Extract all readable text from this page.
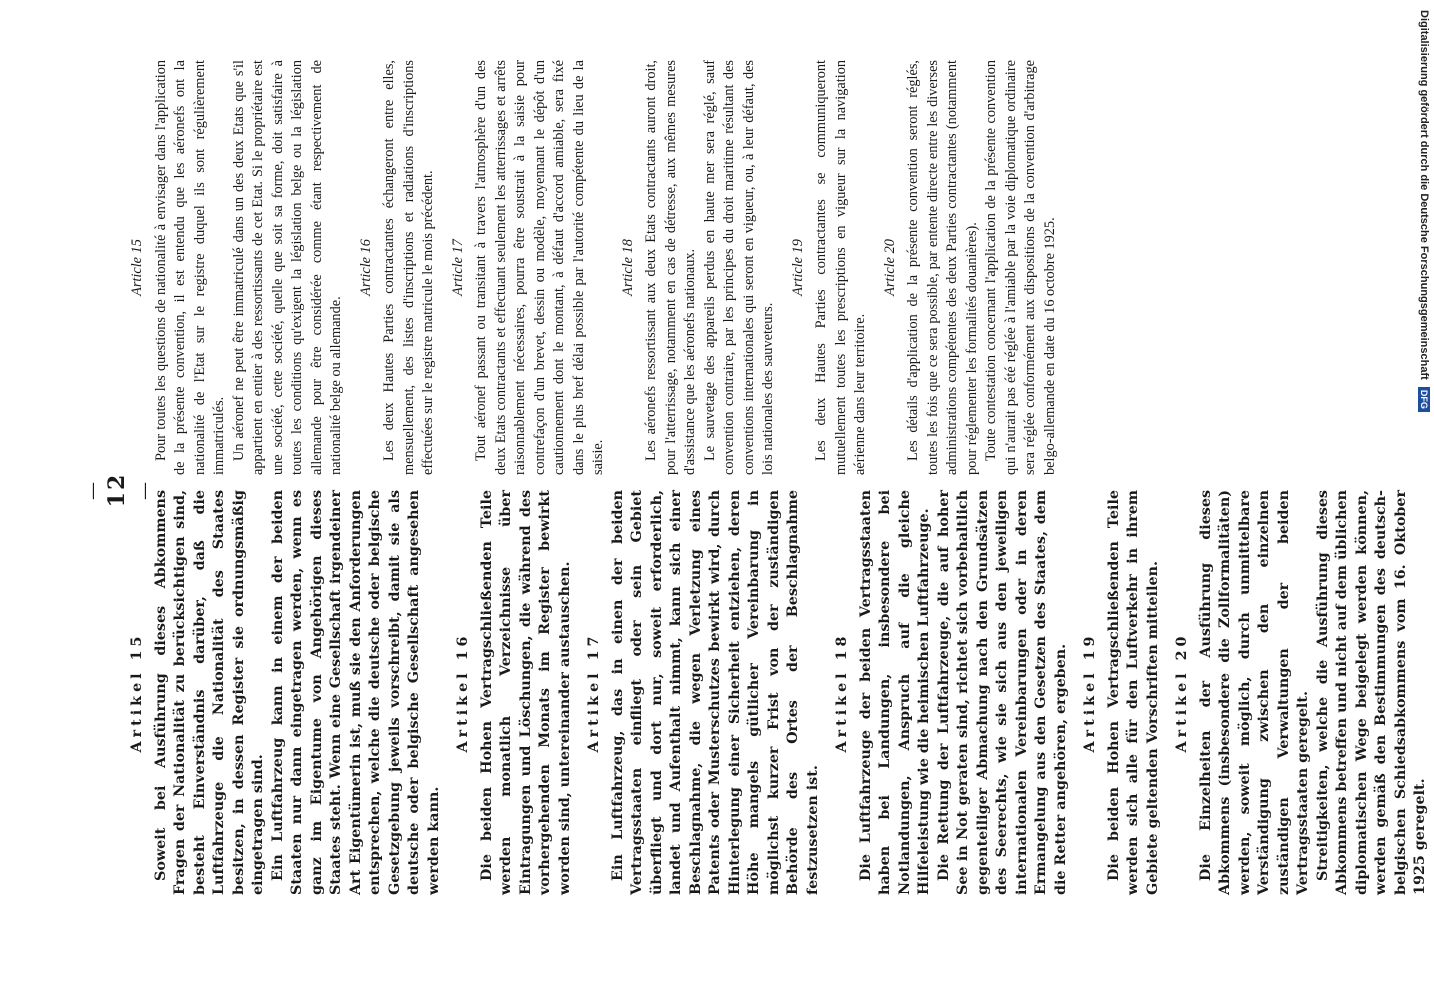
— 12 —
Artikel 15 Soweit bei Ausführung dieses Abkommens Fragen der Nationalität zu berücksichtigen sind, besteht Einverständnis darüber, daß die Luftfahrzeuge die Nationalität des Staates besitzen, in dessen Register sie ordnungsmäßig eingetragen sind. Ein Luftfahrzeug kann in einem der beiden Staaten nur dann eingetragen werden, wenn es ganz im Eigentume von Angehörigen dieses Staates steht. Wenn eine Gesellschaft irgendeiner Art Eigentümerin ist, muß sie den Anforderungen entsprechen, welche die deutsche oder belgische Gesetzgebung jeweils vorschreibt, damit sie als deutsche oder belgische Gesellschaft angesehen werden kann.

Artikel 16 Die beiden Hohen Vertragschließenden Teile werden monatlich Verzeichnisse über Eintragungen und Löschungen, die während des vorhergehenden Monats im Register bewirkt worden sind, untereinander austauschen. Artikel 17 Ein Luftfahrzeug, das in einen der beiden Vertragsstaaten einfliegt oder sein Gebiet überfliegt und dort nur, soweit erforderlich, landet und Aufenthalt nimmt, kann sich einer Beschlagnahme, die wegen Verletzung eines Patents oder Musterschutzes bewirkt wird, durch Hinterlegung einer Sicherheit entziehen, deren Höhe mangels gütlicher Vereinbarung in möglichst kurzer Frist von der zuständigen Behörde des Ortes der Beschlagnahme festzusetzen ist.

Artikel 18 Die Luftfahrzeuge der beiden Vertragsstaaten haben bei Landungen, insbesondere bei Notlandungen, Anspruch auf die gleiche Hilfeleistung wie die heimischen Luftfahrzeuge. Die Rettung der Luftfahrzeuge, die auf hoher See in Not geraten sind, richtet sich vorbehaltlich gegenteiliger Abmachung nach den Grundsätzen des Seerechts, wie sie sich aus den jeweiligen internationalen Vereinbarungen oder in deren Ermangelung aus den Gesetzen des Staates, dem die Retter angehören, ergeben. Artikel 19 Die beiden Hohen Vertragschließenden Teile werden sich alle für den Luftverkehr in ihrem Gebiete geltenden Vorschriften mitteilen. Artikel 20 Die Einzelheiten der Ausführung dieses Abkommens (insbesondere die Zollformalitäten) werden, soweit möglich, durch unmittelbare Verständigung zwischen den einzelnen zuständigen Verwaltungen der beiden Vertragsstaaten geregelt. Streitigkeiten, welche die Ausführung dieses Abkommens betreffen und nicht auf dem üblichen diplomatischen Wege beigelegt werden können, werden gemäß den Bestimmungen des deutsch-belgischen Schiedsabkommens vom 16. Oktober 1925 geregelt.

Article 15 Pour toutes les questions de nationalité à envisager dans l'application de la présente convention, il est entendu que les aéronefs ont la nationalité de l'Etat sur le registre duquel ils sont régulièrement immatriculés. Un aéronef ne peut être immatriculé dans un des deux Etats que s'il appartient en entier à des ressortissants de cet Etat. Si le propriétaire est une société, cette société, quelle que soit sa forme, doit satisfaire à toutes les conditions qu'exigent la législation belge ou la législation allemande pour être considérée comme étant respectivement de nationalité belge ou allemande.

Article 16 Les deux Hautes Parties contractantes échangeront entre elles, mensuellement, des listes d'inscriptions et radiations d'inscriptions effectuées sur le registre matricule le mois précédent. Article 17 Tout aéronef passant ou transitant à travers l'atmosphère d'un des deux Etats contractants et effectuant seulement les atterrissages et arrêts raisonnablement nécessaires, pourra être soustrait à la saisie pour contrefaçon d'un brevet, dessin ou modèle, moyennant le dépôt d'un cautionnement dont le montant, à défaut d'accord amiable, sera fixé dans le plus bref délai possible par l'autorité compétente du lieu de la saisie.

Article 18 Les aéronefs ressortissant aux deux Etats contractants auront droit, pour l'atterrissage, notamment en cas de détresse, aux mêmes mesures d'assistance que les aéronefs nationaux. Le sauvetage des appareils perdus en haute mer sera réglé, sauf convention contraire, par les principes du droit maritime résultant des conventions internationales qui seront en vigueur, ou, à leur défaut, des lois nationales des sauveteurs.

Article 19 Les deux Hautes Parties contractantes se communiqueront mutuellement toutes les prescriptions en vigueur sur la navigation aérienne dans leur territoire.

Article 20 Les détails d'application de la présente convention seront réglés, toutes les fois que ce sera possible, par entente directe entre les diverses administrations compétentes des deux Parties contractantes (notamment pour réglementer les formalités douanières). Toute contestation concernant l'application de la présente convention qui n'aurait pas été réglée à l'amiable par la voie diplomatique ordinaire sera réglée conformément aux dispositions de la convention d'arbitrage belgo-allemande en date du 16 octobre 1925.	Digitalisierung gefördert durch die Deutsche Forschungsgemeinschaft DFG
